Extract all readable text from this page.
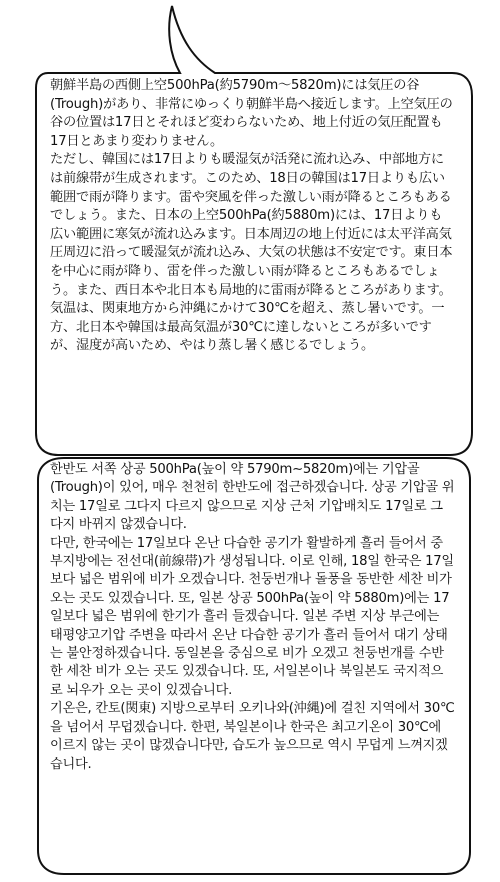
朝鮮半島の西側上空500hPa(約5790m〜5820m)には気圧の谷(Trough)があり、非常にゆっくり朝鮮半島へ接近します。上空気圧の谷の位置は17日とそれほど変わらないため、地上付近の気圧配置も17日とあまり変わりません。
ただし、韓国には17日よりも暖湿気が活発に流れ込み、中部地方には前線帯が生成されます。このため、18日の韓国は17日よりも広い範囲で雨が降ります。雷や突風を伴った激しい雨が降るところもあるでしょう。また、日本の上空500hPa(約5880m)には、17日よりも広い範囲に寒気が流れ込みます。日本周辺の地上付近には太平洋高気圧周辺に沿って暖湿気が流れ込み、大気の状態は不安定です。東日本を中心に雨が降り、雷を伴った激しい雨が降るところもあるでしょう。また、西日本や北日本も局地的に雷雨が降るところがあります。
気温は、関東地方から沖縄にかけて30℃を超え、蒸し暑いです。一方、北日本や韓国は最高気温が30℃に達しないところが多いですが、湿度が高いため、やはり蒸し暑く感じるでしょう。
한반도 서쪽 상공 500hPa(높이 약 5790m∼5820m)에는 기압골(Trough)이 있어, 매우 천천히 한반도에 접근하겠습니다. 상공 기압골 위치는 17일로 그다지 다르지 않으므로 지상 근처 기압배치도 17일로 그다지 바뀌지 않겠습니다.
다만, 한국에는 17일보다 온난 다습한 공기가 활발하게 흘러 들어서 중부지방에는 전선대(前線帯)가 생성됩니다. 이로 인해, 18일 한국은 17일보다 넓은 범위에 비가 오겠습니다. 천둥번개나 돌풍을 동반한 세찬 비가 오는 곳도 있겠습니다. 또, 일본 상공 500hPa(높이 약 5880m)에는 17일보다 넓은 범위에 한기가 흘러 들겠습니다. 일본 주변 지상 부근에는 태평양고기압 주변을 따라서 온난 다습한 공기가 흘러 들어서 대기 상태는 불안정하겠습니다. 동일본을 중심으로 비가 오겠고 천둥번개를 수반한 세찬 비가 오는 곳도 있겠습니다. 또, 서일본이나 북일본도 국지적으로 뇌우가 오는 곳이 있겠습니다.
기온은, 칸토(関東) 지방으로부터 오키나와(沖縄)에 걸친 지역에서 30℃을 넘어서 무덥겠습니다. 한편, 북일본이나 한국은 최고기온이 30℃에 이르지 않는 곳이 많겠습니다만, 습도가 높으므로 역시 무덥게 느껴지겠습니다.
